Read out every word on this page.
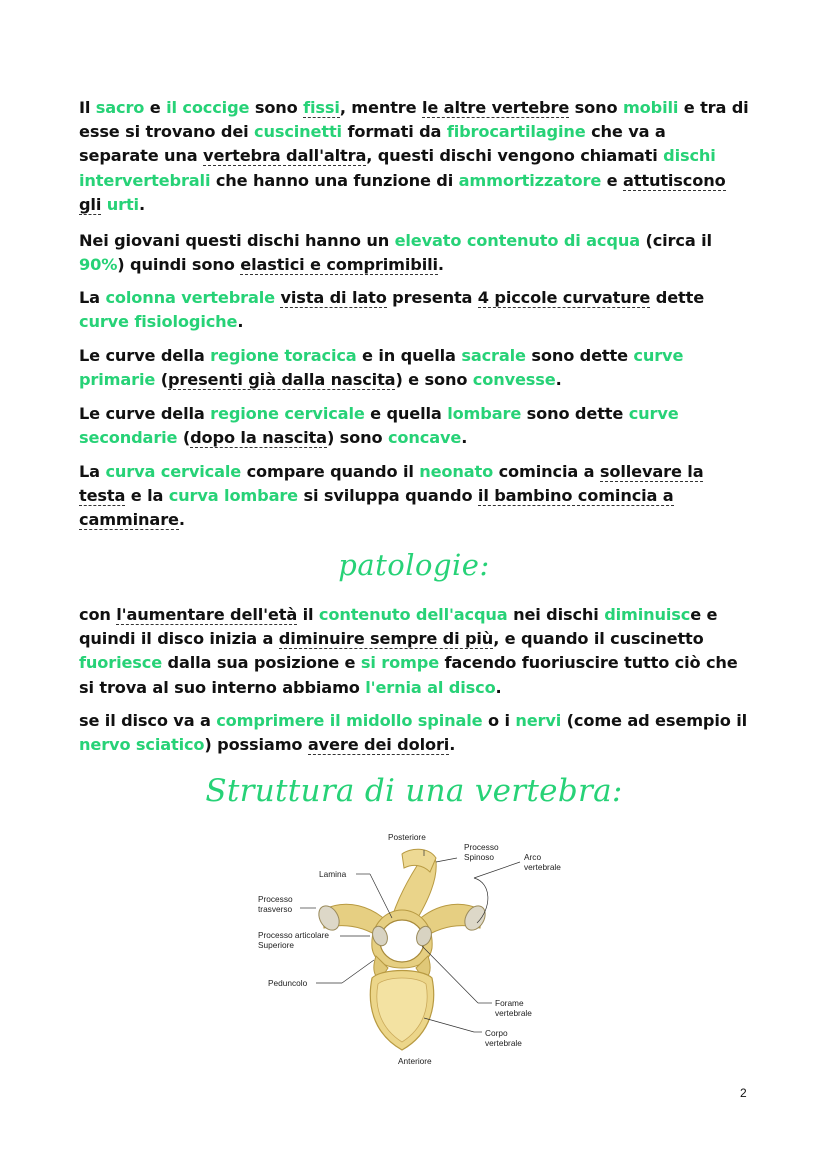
Il sacro e il coccige sono fissi, mentre le altre vertebre sono mobili e tra di esse si trovano dei cuscinetti formati da fibrocartilagine che va a separate una vertebra dall'altra, questi dischi vengono chiamati dischi intervertebrali che hanno una funzione di ammortizzatore e attutiscono gli urti.
Nei giovani questi dischi hanno un elevato contenuto di acqua (circa il 90%) quindi sono elastici e comprimibili.
La colonna vertebrale vista di lato presenta 4 piccole curvature dette curve fisiologiche.
Le curve della regione toracica e in quella sacrale sono dette curve primarie (presenti già dalla nascita) e sono convesse.
Le curve della regione cervicale e quella lombare sono dette curve secondarie (dopo la nascita) sono concave.
La curva cervicale compare quando il neonato comincia a sollevare la testa e la curva lombare si sviluppa quando il bambino comincia a camminare.
patologie:
con l'aumentare dell'età il contenuto dell'acqua nei dischi diminuisce e quindi il disco inizia a diminuire sempre di più, e quando il cuscinetto fuoriesce dalla sua posizione e si rompe facendo fuoriuscire tutto ciò che si trova al suo interno abbiamo l'ernia al disco.
se il disco va a comprimere il midollo spinale o i nervi (come ad esempio il nervo sciatico) possiamo avere dei dolori.
Struttura di una vertebra:
Posteriore
Processo
Spinoso	Arco
vertebrale
Lamina
Processo
trasverso
Processo articolare
Superiore
Peduncolo
Forame
vertebrale
Corpo
vertebrale
Anteriore
2
